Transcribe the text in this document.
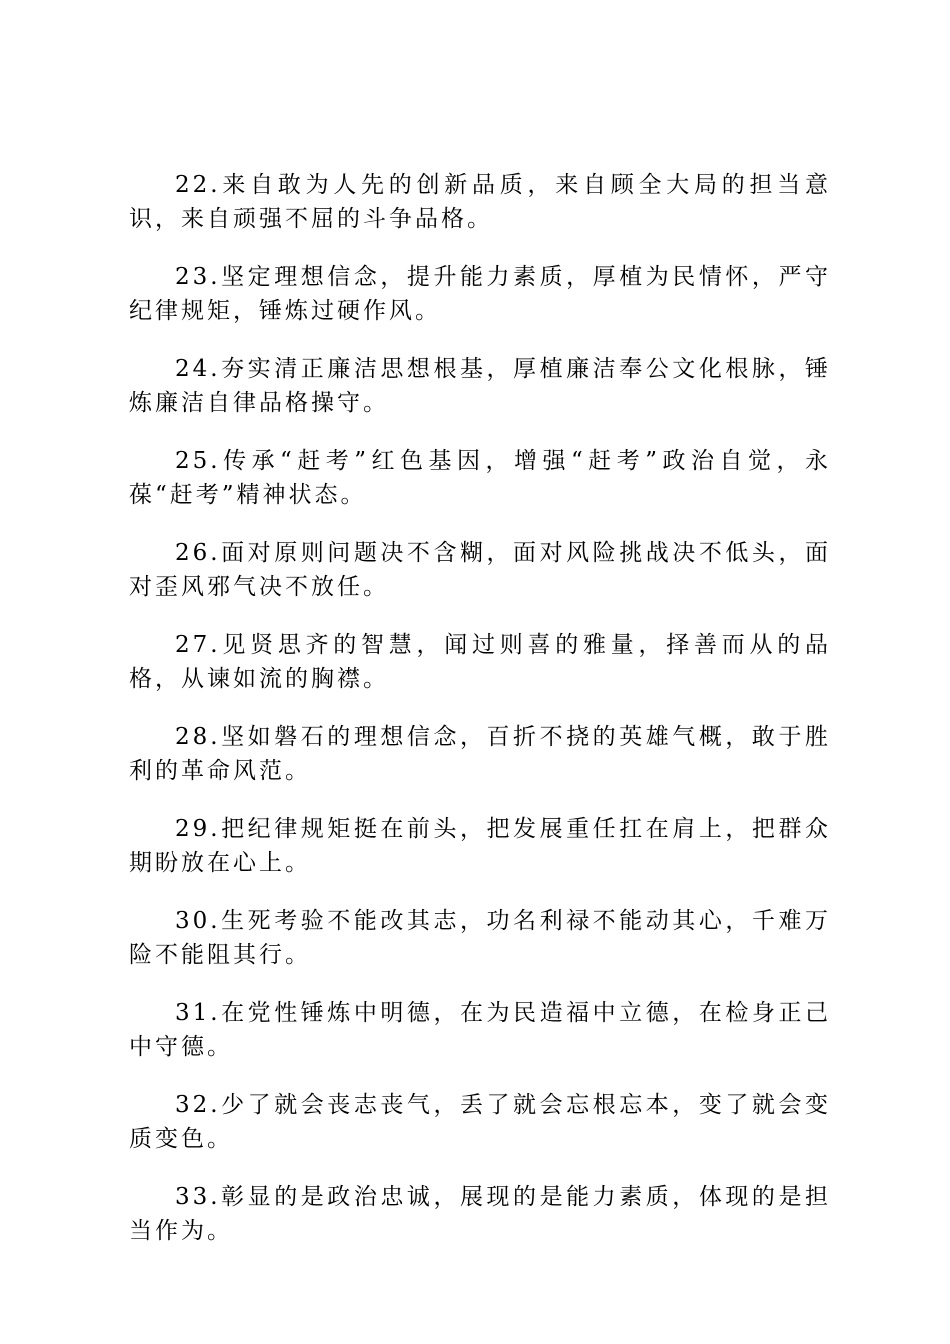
22.来自敢为人先的创新品质，来自顾全大局的担当意识，来自顽强不屈的斗争品格。

23.坚定理想信念，提升能力素质，厚植为民情怀，严守纪律规矩，锤炼过硬作风。

24.夯实清正廉洁思想根基，厚植廉洁奉公文化根脉，锤炼廉洁自律品格操守。

25.传承“赶考”红色基因，增强“赶考”政治自觉，永葆“赶考”精神状态。

26.面对原则问题决不含糊，面对风险挑战决不低头，面对歪风邪气决不放任。

27.见贤思齐的智慧，闻过则喜的雅量，择善而从的品格，从谏如流的胸襟。

28.坚如磐石的理想信念，百折不挠的英雄气概，敢于胜利的革命风范。

29.把纪律规矩挺在前头，把发展重任扛在肩上，把群众期盼放在心上。

30.生死考验不能改其志，功名利禄不能动其心，千难万险不能阻其行。

31.在党性锤炼中明德，在为民造福中立德，在检身正己中守德。

32.少了就会丧志丧气，丢了就会忘根忘本，变了就会变质变色。

33.彰显的是政治忠诚，展现的是能力素质，体现的是担当作为。
